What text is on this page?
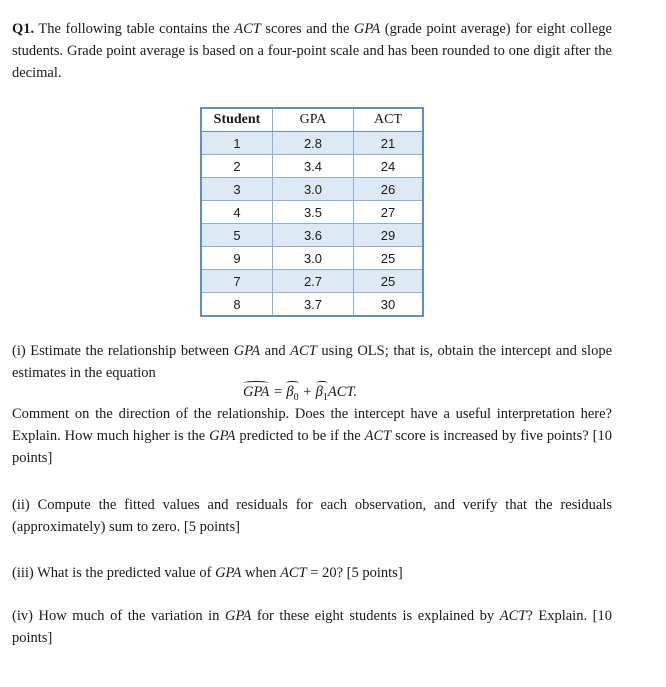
Q1. The following table contains the ACT scores and the GPA (grade point average) for eight college students. Grade point average is based on a four-point scale and has been rounded to one digit after the decimal.

Student	GPA	ACT
1	2.8	21
2	3.4	24
3	3.0	26
4	3.5	27
5	3.6	29
9	3.0	25
7	2.7	25
8	3.7	30

(i) Estimate the relationship between GPA and ACT using OLS; that is, obtain the intercept and slope estimates in the equation

GPA = $\beta_0 + \beta_1ACT$.

Comment on the direction of the relationship. Does the intercept have a useful interpretation here? Explain. How much higher is the GPA predicted to be if the ACT score is increased by five points? [10 points]

(ii) Compute the fitted values and residuals for each observation, and verify that the residuals (approximately) sum to zero. [5 points]

(iii) What is the predicted value of GPA when ACT = 20? [5 points]

(iv) How much of the variation in GPA for these eight students is explained by ACT? Explain. [10 points]
